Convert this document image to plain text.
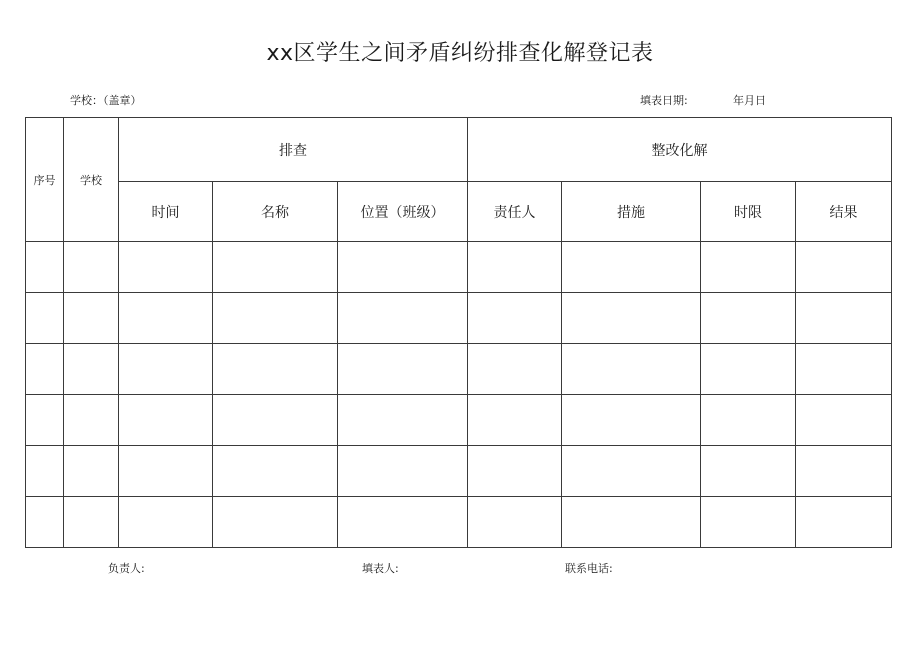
xx区学生之间矛盾纠纷排查化解登记表
学校：（盖章）	填表日期:	年月日
序号	学校	排查			整改化解			
		时间	名称	位置（班级）	责任人	措施	时限	结果

负责人:	填表人:	联系电话:
